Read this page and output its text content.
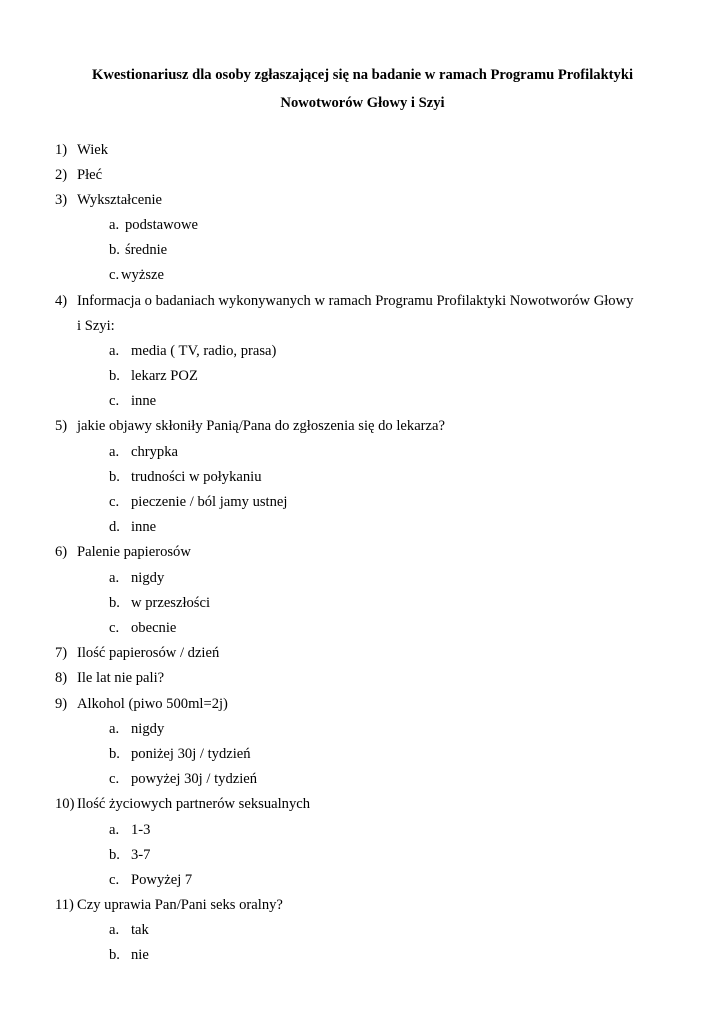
Kwestionariusz dla osoby zgłaszającej się na badanie w ramach Programu Profilaktyki
Nowotworów Głowy i Szyi
1) Wiek
2) Płeć
3) Wykształcenie
a. podstawowe
b. średnie
c. wyższe
4) Informacja o badaniach wykonywanych w ramach Programu Profilaktyki Nowotworów Głowy
i Szyi:
a. media ( TV, radio, prasa)
b. lekarz POZ
c. inne
5) jakie objawy skłoniły Panią/Pana do zgłoszenia się do lekarza?
a. chrypka
b. trudności w połykaniu
c. pieczenie / ból jamy ustnej
d. inne
6) Palenie papierosów
a. nigdy
b. w przeszłości
c. obecnie
7) Ilość papierosów / dzień
8) Ile lat nie pali?
9) Alkohol (piwo 500ml=2j)
a. nigdy
b. poniżej 30j / tydzień
c. powyżej 30j / tydzień
10) Ilość życiowych partnerów seksualnych
a. 1-3
b. 3-7
c. Powyżej 7
11) Czy uprawia Pan/Pani seks oralny?
a. tak
b. nie
